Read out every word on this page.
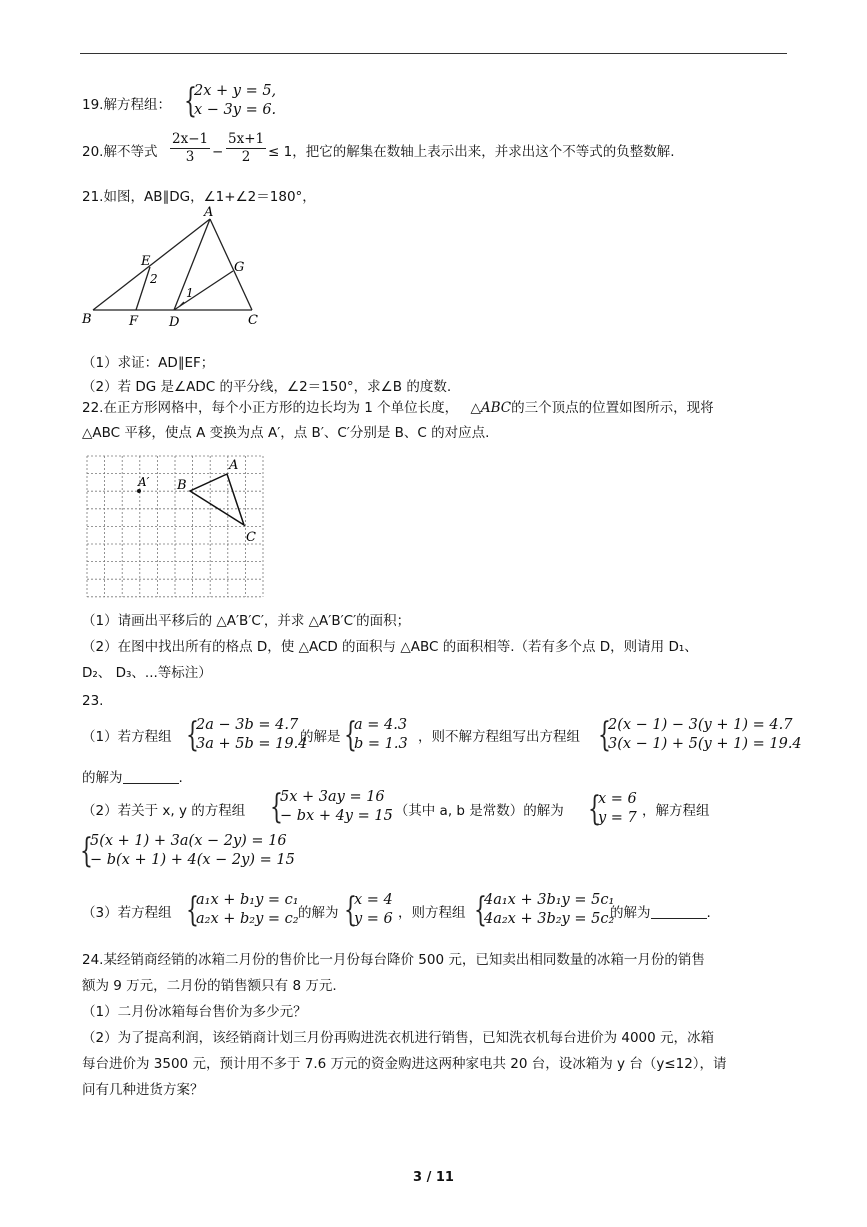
19.解方程组： {
2x + y = 5,
x − 3y = 6.
20.解不等式 $\frac{2x-1}{3} - \frac{5x+1}{2} \le 1$，把它的解集在数轴上表示出来，并求出这个不等式的负整数解.
21.如图，AB∥DG，∠1+∠2＝180°，
A
B	C
D
E
F
G
1
2
（1）求证：AD∥EF；
（2）若 DG 是∠ADC 的平分线，∠2＝150°，求∠B 的度数.
22.在正方形网格中，每个小正方形的边长均为 1 个单位长度， △ABC的三个顶点的位置如图所示，现将
△ABC 平移，使点 A 变换为点 A′，点 B′、C′分别是 B、C 的对应点.
A′
A
B
C
（1）请画出平移后的 △A′B′C′，并求 △A′B′C′的面积；
（2）在图中找出所有的格点 D，使 △ACD 的面积与 △ABC 的面积相等.（若有多个点 D，则请用 D₁、
D₂、 D₃、...等标注）
23.
（1）若方程组 {
2a − 3b = 4.7
3a + 5b = 19.4
的解是 {
a = 4.3
b = 1.3 ，则不解方程组写出方程组 {
2(x − 1) − 3(y + 1) = 4.7
3(x − 1) + 5(y + 1) = 19.4
的解为	.
（2）若关于 x, y 的方程组 {
5x + 3ay = 16
− bx + 4y = 15
，（其中 a, b 是常数）的解为 {
x = 6
y = 7 ，解方程组
{
5(x + 1) + 3a(x − 2y) = 16
− b(x + 1) + 4(x − 2y) = 15
（3）若方程组 {
a₁x + b₁y = c₁
a₂x + b₂y = c₂ 的解为 {
x = 4
y = 6 ，则方程组 {
4a₁x + 3b₁y = 5c₁
4a₂x + 3b₂y = 5c₂
的解为	.
24.某经销商经销的冰箱二月份的售价比一月份每台降价 500 元，已知卖出相同数量的冰箱一月份的销售
额为 9 万元，二月份的销售额只有 8 万元.
（1）二月份冰箱每台售价为多少元？
（2）为了提高利润，该经销商计划三月份再购进洗衣机进行销售，已知洗衣机每台进价为 4000 元，冰箱
每台进价为 3500 元，预计用不多于 7.6 万元的资金购进这两种家电共 20 台，设冰箱为 y 台（y≤12），请
问有几种进货方案？
3 / 11
